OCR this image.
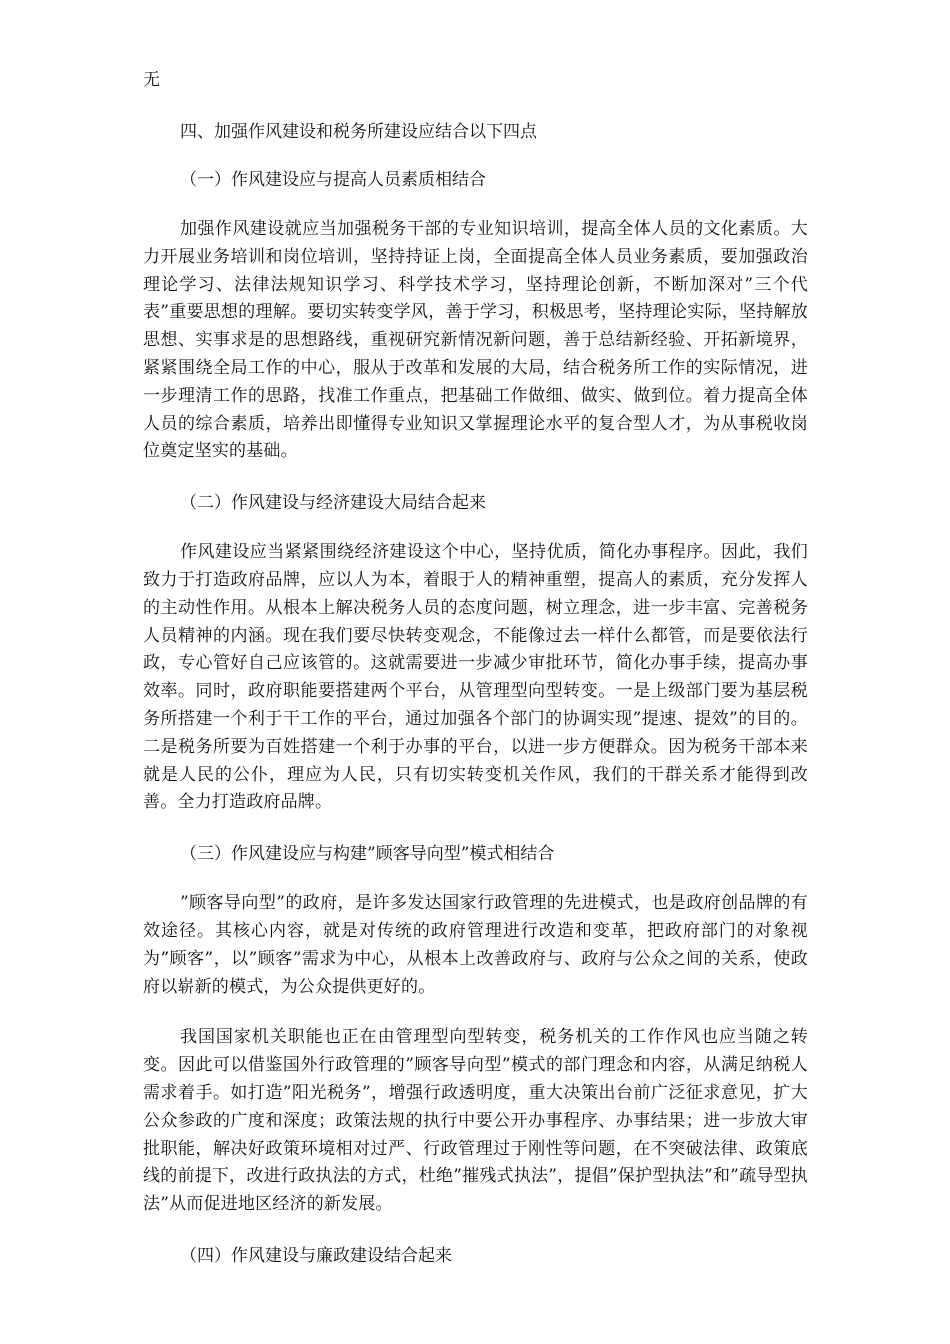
无
四、加强作风建设和税务所建设应结合以下四点
（一）作风建设应与提高人员素质相结合

加强作风建设就应当加强税务干部的专业知识培训，提高全体人员的文化素质。大力开展业务培训和岗位培训，坚持持证上岗，全面提高全体人员业务素质，要加强政治理论学习、法律法规知识学习、科学技术学习，坚持理论创新，不断加深对”三个代表”重要思想的理解。要切实转变学风，善于学习，积极思考，坚持理论实际，坚持解放思想、实事求是的思想路线，重视研究新情况新问题，善于总结新经验、开拓新境界，紧紧围绕全局工作的中心，服从于改革和发展的大局，结合税务所工作的实际情况，进一步理清工作的思路，找准工作重点，把基础工作做细、做实、做到位。着力提高全体人员的综合素质，培养出即懂得专业知识又掌握理论水平的复合型人才，为从事税收岗位奠定坚实的基础。

（二）作风建设与经济建设大局结合起来

作风建设应当紧紧围绕经济建设这个中心，坚持优质，简化办事程序。因此，我们致力于打造政府品牌，应以人为本，着眼于人的精神重塑，提高人的素质，充分发挥人的主动性作用。从根本上解决税务人员的态度问题，树立理念，进一步丰富、完善税务人员精神的内涵。现在我们要尽快转变观念，不能像过去一样什么都管，而是要依法行政，专心管好自己应该管的。这就需要进一步减少审批环节，简化办事手续，提高办事效率。同时，政府职能要搭建两个平台，从管理型向型转变。一是上级部门要为基层税务所搭建一个利于干工作的平台，通过加强各个部门的协调实现”提速、提效”的目的。二是税务所要为百姓搭建一个利于办事的平台，以进一步方便群众。因为税务干部本来就是人民的公仆，理应为人民，只有切实转变机关作风，我们的干群关系才能得到改善。全力打造政府品牌。

（三）作风建设应与构建”顾客导向型”模式相结合

”顾客导向型”的政府，是许多发达国家行政管理的先进模式，也是政府创品牌的有效途径。其核心内容，就是对传统的政府管理进行改造和变革，把政府部门的对象视为”顾客”，以”顾客”需求为中心，从根本上改善政府与、政府与公众之间的关系，使政府以崭新的模式，为公众提供更好的。

我国国家机关职能也正在由管理型向型转变，税务机关的工作作风也应当随之转变。因此可以借鉴国外行政管理的”顾客导向型”模式的部门理念和内容，从满足纳税人需求着手。如打造”阳光税务”，增强行政透明度，重大决策出台前广泛征求意见，扩大公众参政的广度和深度；政策法规的执行中要公开办事程序、办事结果；进一步放大审批职能，解决好政策环境相对过严、行政管理过于刚性等问题，在不突破法律、政策底线的前提下，改进行政执法的方式，杜绝”摧残式执法”，提倡”保护型执法”和”疏导型执法”从而促进地区经济的新发展。

（四）作风建设与廉政建设结合起来
